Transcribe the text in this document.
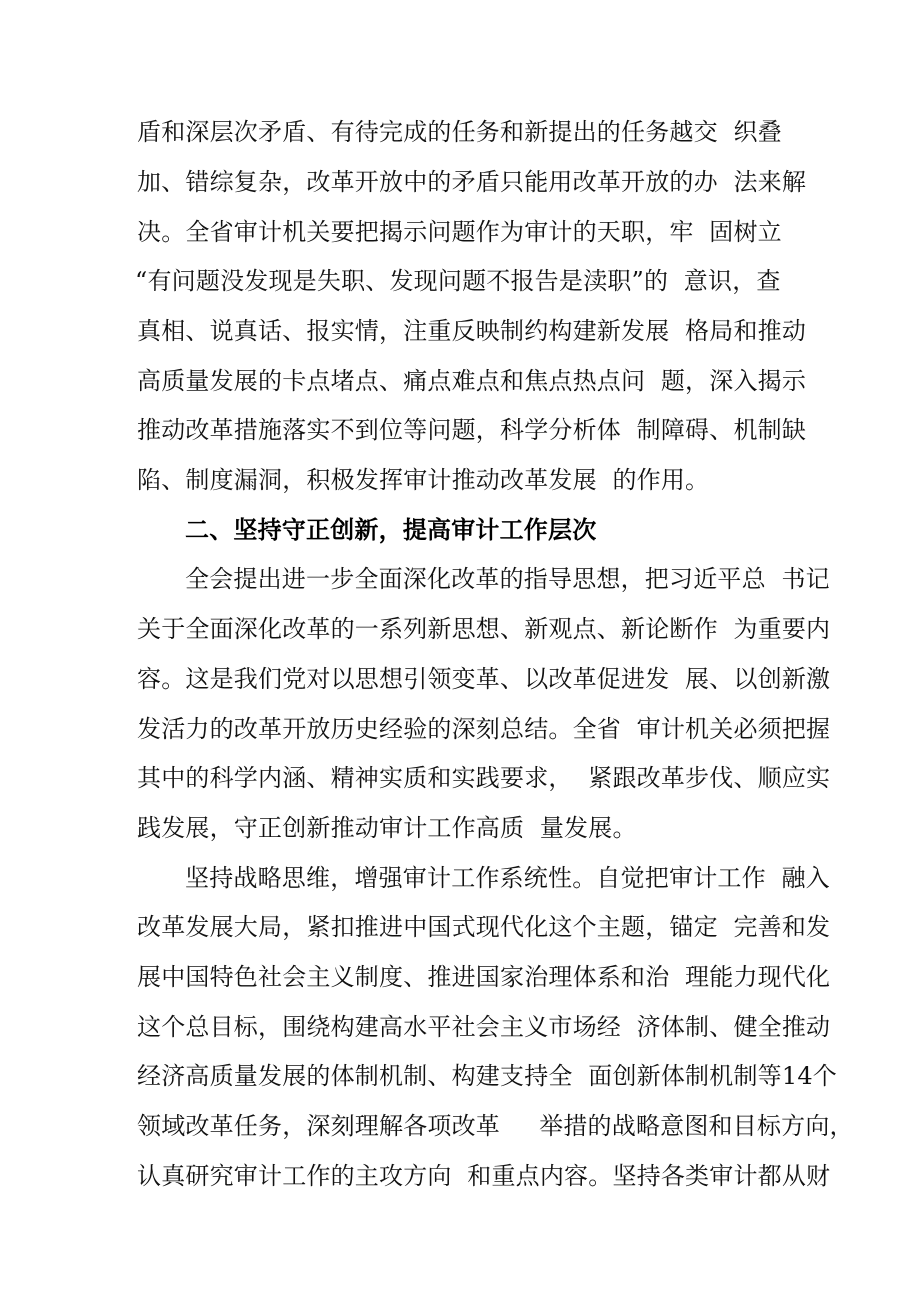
盾和深层次矛盾、有待完成的任务和新提出的任务越交  织叠
加、错综复杂，改革开放中的矛盾只能用改革开放的办  法来解
决。全省审计机关要把揭示问题作为审计的天职，牢  固树立
“有问题没发现是失职、发现问题不报告是渎职”的  意识，查
真相、说真话、报实情，注重反映制约构建新发展  格局和推动
高质量发展的卡点堵点、痛点难点和焦点热点问  题，深入揭示
推动改革措施落实不到位等问题，科学分析体  制障碍、机制缺
陷、制度漏洞，积极发挥审计推动改革发展  的作用。
二、坚持守正创新，提高审计工作层次
全会提出进一步全面深化改革的指导思想，把习近平总  书记
关于全面深化改革的一系列新思想、新观点、新论断作  为重要内
容。这是我们党对以思想引领变革、以改革促进发  展、以创新激
发活力的改革开放历史经验的深刻总结。全省  审计机关必须把握
其中的科学内涵、精神实质和实践要求，  紧跟改革步伐、顺应实
践发展，守正创新推动审计工作高质  量发展。
坚持战略思维，增强审计工作系统性。自觉把审计工作  融入
改革发展大局，紧扣推进中国式现代化这个主题，锚定  完善和发
展中国特色社会主义制度、推进国家治理体系和治  理能力现代化
这个总目标，围绕构建高水平社会主义市场经  济体制、健全推动
经济高质量发展的体制机制、构建支持全  面创新体制机制等14个
领域改革任务，深刻理解各项改革     举措的战略意图和目标方向，
认真研究审计工作的主攻方向  和重点内容。坚持各类审计都从财
